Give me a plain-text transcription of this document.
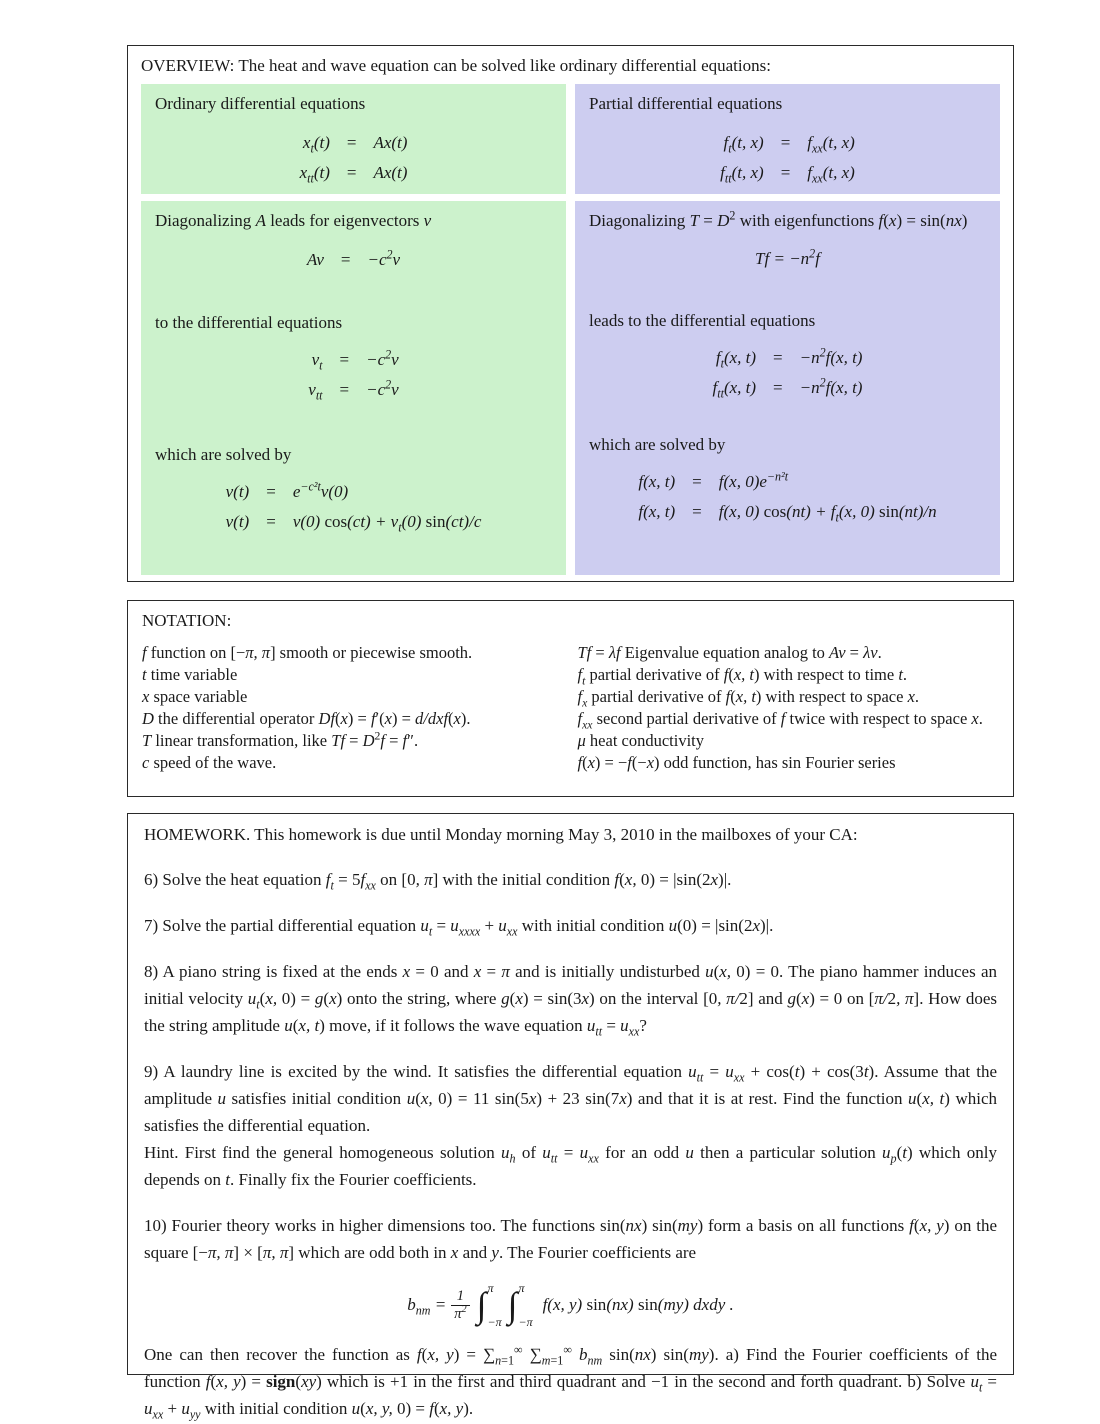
OVERVIEW: The heat and wave equation can be solved like ordinary differential equations:
Ordinary differential equations
$x_t(t)$	=	Ax(t)
$x_{tt}(t)$	=	Ax(t)
Partial differential equations
$f_t(t$, x)	=	$f_{xx}(t$, x)
$f_{tt}(t$, x)	=	$f_{xx}(t$, x)
Diagonalizing A leads for eigenvectors v⃗
Av	=	$-c^2v$
to the differential equations
$v_t$	=	$-c^2v$
$v_{tt}$	=	$-c^2v$
which are solved by
v(t)	=	$e^{-c^2t}v(0)$
v(t)	=	v(0) $\cos(ct) + v_t(0)$ sin(ct)/c
Diagonalizing $T = D^2$ with eigenfunctions f(x) = sin(nx)
$Tf = -n^2f$
leads to the differential equations
$f_t(x$, t)	=	$-n^2f(x$, t)
$f_{tt}(x$, t)	=	$-n^2f(x$, t)
which are solved by
f(x, t)	=	f(x, $0)e^{-n^2t}$
f(x, t)	=	f(x, 0) $\cos(nt) + f_t(x$, 0) sin(nt)/n
NOTATION:
f function on [−π, π] smooth or piecewise smooth.
t time variable
x space variable
D the differential operator Df(x) = f′(x) = d/dxf(x).
T linear transformation, like $Tf = D^2f = f''$.
c speed of the wave.
Tf = λf Eigenvalue equation analog to Av = λv.
$f_t$ partial derivative of f(x, t) with respect to time t.
$f_x$ partial derivative of f(x, t) with respect to space x.
$f_{xx}$ second partial derivative of f twice with respect to space x.
μ heat conductivity
f(x) = −f(−x) odd function, has sin Fourier series
HOMEWORK. This homework is due until Monday morning May 3, 2010 in the mailboxes of your CA:
6) Solve the heat equation $f_t = 5f_{xx}$ on [0, π] with the initial condition f(x, 0) = |sin(2x)|.
7) Solve the partial differential equation $u_t = u_{xxxx} + u_{xx}$ with initial condition u(0) = |sin(2x)|.
8) A piano string is fixed at the ends x = 0 and x = π and is initially undisturbed u(x, 0) = 0. The piano hammer induces an initial velocity $u_t(x$, 0) = g(x) onto the string, where g(x) = sin(3x) on the interval [0, π/2] and g(x) = 0 on [π/2, π]. How does the string amplitude u(x, t) move, if it follows the wave equation $u_{tt} = u_{xx}$?
9) A laundry line is excited by the wind. It satisfies the differential equation $u_{tt} = u_{xx} + \cos(t) + \cos(3t)$. Assume that the amplitude u satisfies initial condition u(x, 0) = 11 sin(5x) + 23 sin(7x) and that it is at rest. Find the function u(x, t) which satisfies the differential equation.
Hint. First find the general homogeneous solution $u_h$ of $u_{tt} = u_{xx}$ for an odd u then a particular solution $u_p(t)$ which only depends on t. Finally fix the Fourier coefficients.
10) Fourier theory works in higher dimensions too. The functions sin(nx) sin(my) form a basis on all functions f(x, y) on the square [−π, π] × [π, π] which are odd both in x and y. The Fourier coefficients are
$b_{nm} = \frac{1}{\pi^2}$ ∫ π
−π ∫ π
−π
f(x, y) sin(nx) sin(my) dxdy .
One can then recover the function as f(x, $y) = \sum_{n=1}^\infty$ $\sum_{m=1}^\infty$ $b_{nm}$ sin(nx) sin(my). a) Find the Fourier coefficients of the function f(x, y) = sign(xy) which is +1 in the first and third quadrant and −1 in the second and forth quadrant. b) Solve $u_t = u_{xx} + u_{yy}$ with initial condition u(x, y, 0) = f(x, y).
